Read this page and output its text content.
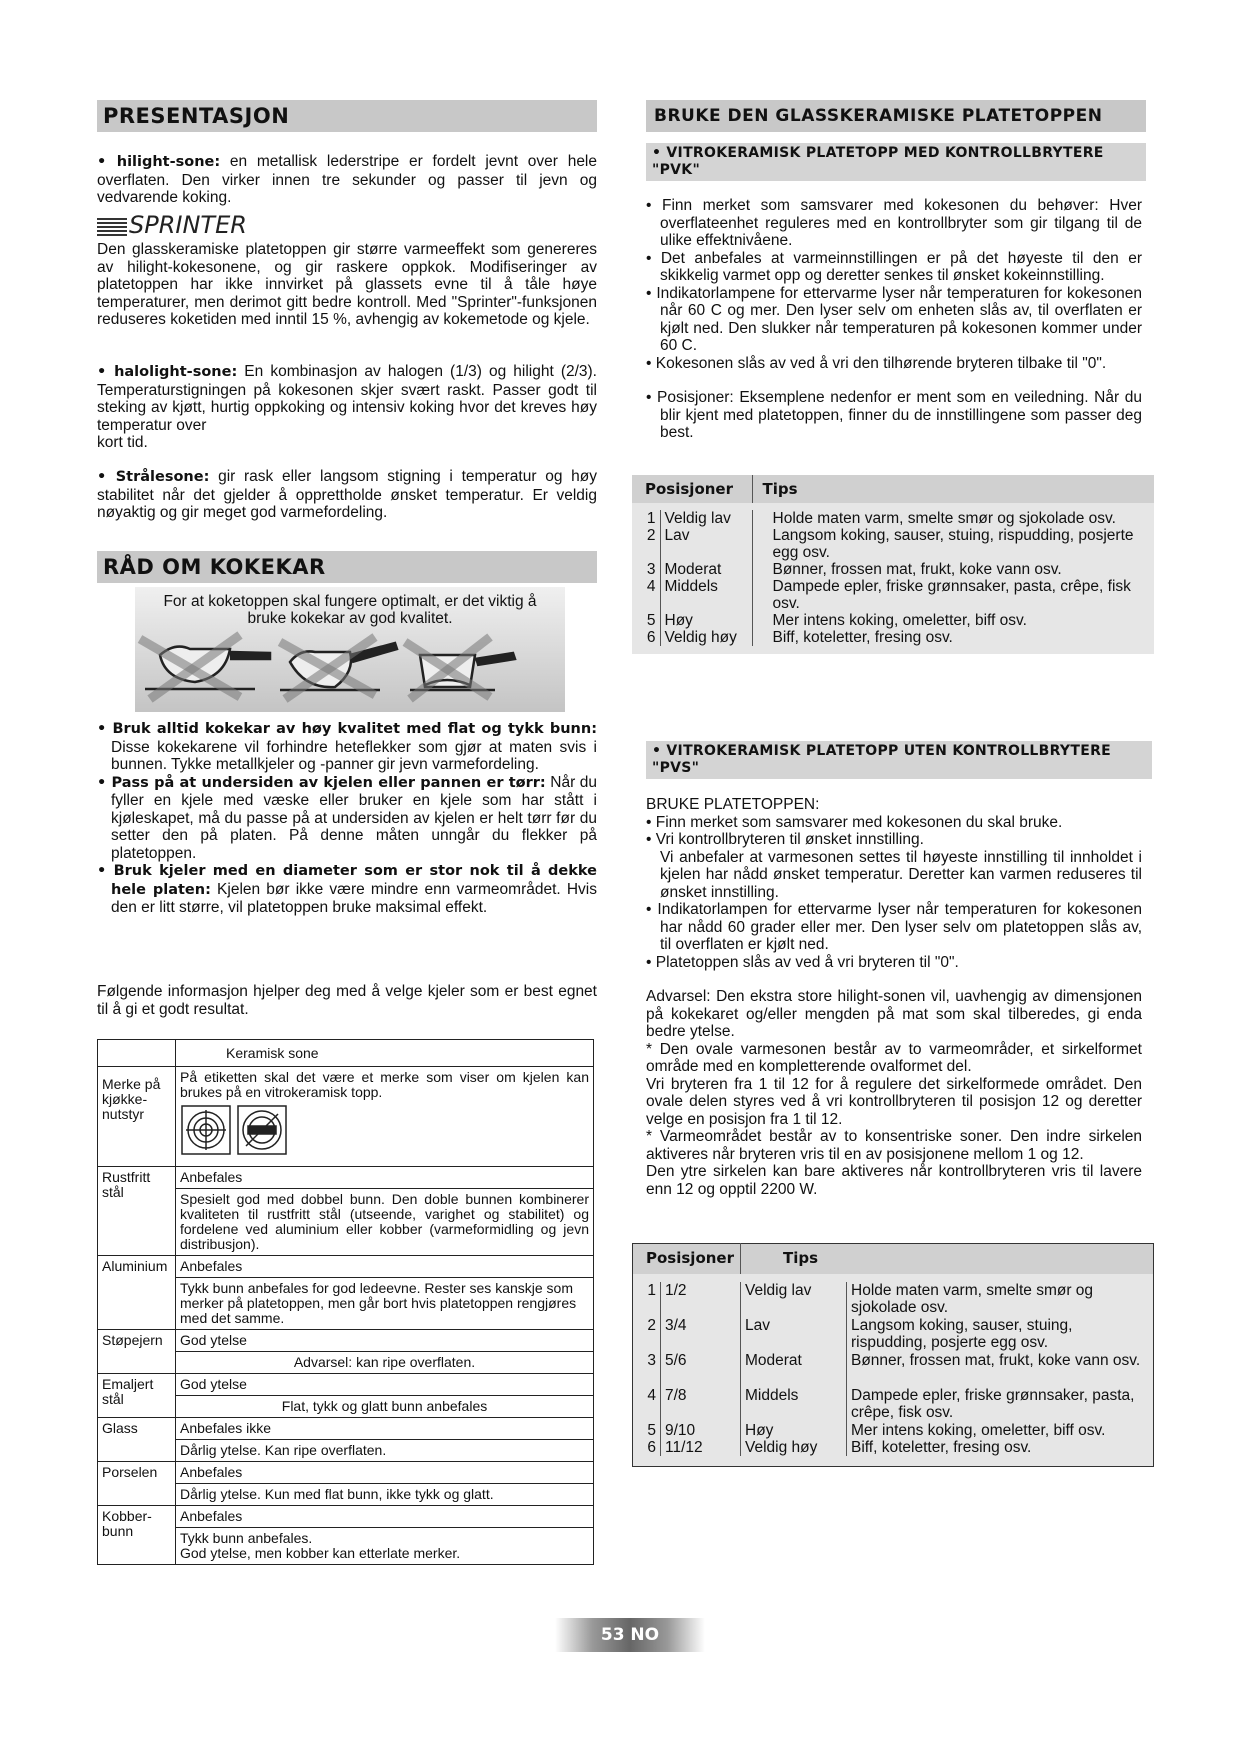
PRESENTASJON
• hilight-sone: en metallisk lederstripe er fordelt jevnt over hele overflaten. Den virker innen tre sekunder og passer til jevn og vedvarende koking.
SPRINTER
Den glasskeramiske platetoppen gir større varmeeffekt som genereres av hilight-kokesonene, og gir raskere oppkok. Modifiseringer av platetoppen har ikke innvirket på glassets evne til å tåle høye temperaturer, men derimot gitt bedre kontroll. Med "Sprinter"-funksjonen reduseres koketiden med inntil 15 %, avhengig av kokemetode og kjele.
• halolight-sone: En kombinasjon av halogen (1/3) og hilight (2/3). Temperaturstigningen på kokesonen skjer svært raskt. Passer godt til steking av kjøtt, hurtig oppkoking og intensiv koking hvor det kreves høy temperatur over
kort tid.
• Strålesone: gir rask eller langsom stigning i temperatur og høy stabilitet når det gjelder å opprettholde ønsket temperatur. Er veldig nøyaktig og gir meget god varmefordeling.
RÅD OM KOKEKAR
For at koketoppen skal fungere optimalt, er det viktig å bruke kokekar av god kvalitet.

• Bruk alltid kokekar av høy kvalitet med flat og tykk bunn: Disse kokekarene vil forhindre heteflekker som gjør at maten svis i bunnen. Tykke metallkjeler og -panner gir jevn varmefordeling.

• Pass på at undersiden av kjelen eller pannen er tørr: Når du fyller en kjele med væske eller bruker en kjele som har stått i kjøleskapet, må du passe på at undersiden av kjelen er helt tørr før du setter den på platen. På denne måten unngår du flekker på platetoppen.

• Bruk kjeler med en diameter som er stor nok til å dekke hele platen: Kjelen bør ikke være mindre enn varmeområdet. Hvis den er litt større, vil platetoppen bruke maksimal effekt.

Følgende informasjon hjelper deg med å velge kjeler som er best egnet til å gi et godt resultat.
	Keramisk sone
Merke på kjøkke-nutstyr	På etiketten skal det være et merke som viser om kjelen kan brukes på en vitrokeramisk topp.

Rustfritt stål	Anbefales
	Spesielt god med dobbel bunn. Den doble bunnen kombinerer kvaliteten til rustfritt stål (utseende, varighet og stabilitet) og fordelene ved aluminium eller kobber (varmeformidling og jevn distribusjon).
Aluminium	Anbefales
	Tykk bunn anbefales for god ledeevne. Rester ses kanskje som merker på platetoppen, men går bort hvis platetoppen rengjøres med det samme.
Støpejern	God ytelse
	Advarsel: kan ripe overflaten.
Emaljert stål	God ytelse
	Flat, tykk og glatt bunn anbefales
Glass	Anbefales ikke
	Dårlig ytelse. Kan ripe overflaten.
Porselen	Anbefales
	Dårlig ytelse. Kun med flat bunn, ikke tykk og glatt.
Kobber-bunn	Anbefales
	Tykk bunn anbefales.
God ytelse, men kobber kan etterlate merker.
BRUKE DEN GLASSKERAMISKE PLATETOPPEN
• VITROKERAMISK PLATETOPP MED KONTROLLBRYTERE "PVK"

• Finn merket som samsvarer med kokesonen du behøver: Hver overflateenhet reguleres med en kontrollbryter som gir tilgang til de ulike effektnivåene.

• Det anbefales at varmeinnstillingen er på det høyeste til den er skikkelig varmet opp og deretter senkes til ønsket kokeinnstilling.

• Indikatorlampene for ettervarme lyser når temperaturen for kokesonen når 60 C og mer. Den lyser selv om enheten slås av, til overflaten er kjølt ned. Den slukker når temperaturen på kokesonen kommer under 60 C.

• Kokesonen slås av ved å vri den tilhørende bryteren tilbake til "0".

• Posisjoner: Eksemplene nedenfor er ment som en veiledning. Når du blir kjent med platetoppen, finner du de innstillingene som passer deg best.

Posisjoner		Tips

1	Veldig lav	Holde maten varm, smelte smør og sjokolade osv.
2	Lav	Langsom koking, sauser, stuing, rispudding, posjerte egg osv.
3	Moderat	Bønner, frossen mat, frukt, koke vann osv.
4	Middels	Dampede epler, friske grønnsaker, pasta, crêpe, fisk osv.
5	Høy	Mer intens koking, omeletter, biff osv.
6	Veldig høy	Biff, koteletter, fresing osv.

• VITROKERAMISK PLATETOPP UTEN KONTROLLBRYTERE "PVS"

BRUKE PLATETOPPEN:

• Finn merket som samsvarer med kokesonen du skal bruke.

• Vri kontrollbryteren til ønsket innstilling.

Vi anbefaler at varmesonen settes til høyeste innstilling til innholdet i kjelen har nådd ønsket temperatur. Deretter kan varmen reduseres til ønsket innstilling.

• Indikatorlampen for ettervarme lyser når temperaturen for kokesonen har nådd 60 grader eller mer. Den lyser selv om platetoppen slås av, til overflaten er kjølt ned.

• Platetoppen slås av ved å vri bryteren til "0".

Advarsel: Den ekstra store hilight-sonen vil, uavhengig av dimensjonen på kokekaret og/eller mengden på mat som skal tilberedes, gi enda bedre ytelse.

* Den ovale varmesonen består av to varmeområder, et sirkelformet område med en kompletterende ovalformet del.

Vri bryteren fra 1 til 12 for å regulere det sirkelformede området. Den ovale delen styres ved å vri kontrollbryteren til posisjon 12 og deretter velge en posisjon fra 1 til 12.

* Varmeområdet består av to konsentriske soner. Den indre sirkelen aktiveres når bryteren vris til en av posisjonene mellom 1 og 12.

Den ytre sirkelen kan bare aktiveres når kontrollbryteren vris til lavere enn 12 og opptil 2200 W.

Posisjoner		Tips	

1	1/2	Veldig lav	Holde maten varm, smelte smør og sjokolade osv.
2	3/4	Lav	Langsom koking, sauser, stuing, rispudding, posjerte egg osv.
3	5/6	Moderat	Bønner, frossen mat, frukt, koke vann osv.
4	7/8	Middels	Dampede epler, friske grønnsaker, pasta, crêpe, fisk osv.
5	9/10	Høy	Mer intens koking, omeletter, biff osv.
6	11/12	Veldig høy	Biff, koteletter, fresing osv.

53 NO
